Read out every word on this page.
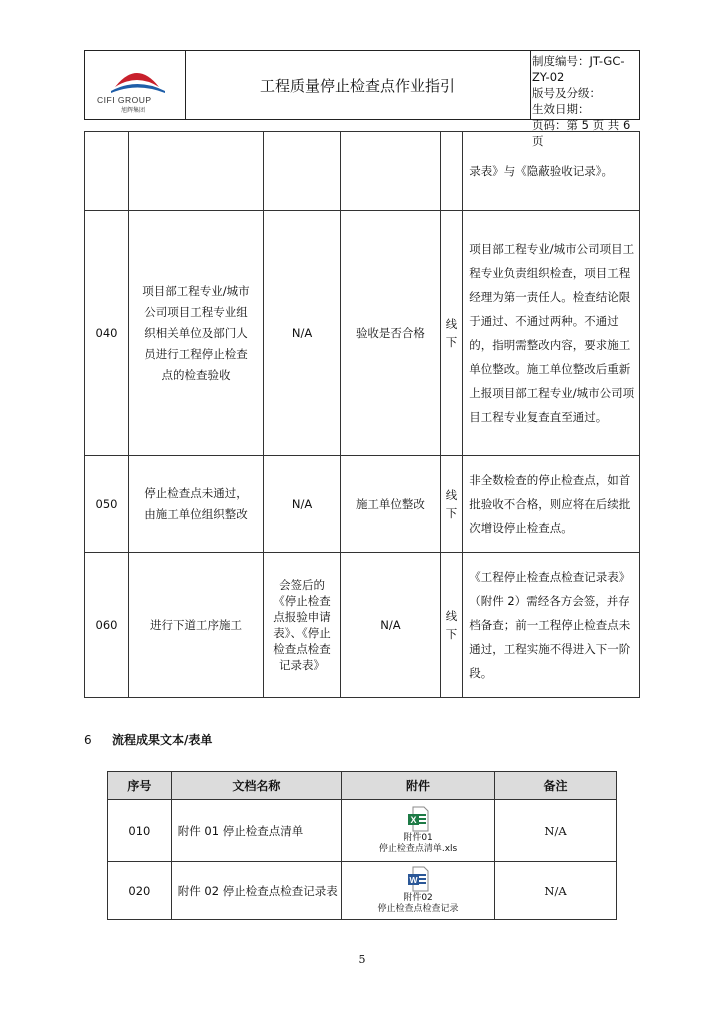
CIFI GROUP
旭辉集团
工程质量停止检查点作业指引
制度编号：JT-GC-ZY-02
版号及分级：
生效日期：
页码：第 5 页 共 6 页
					录表》与《隐蔽验收记录》。
040	项目部工程专业/城市公司项目工程专业组织相关单位及部门人员进行工程停止检查点的检查验收	N/A	验收是否合格	线下	项目部工程专业/城市公司项目工程专业负责组织检查，项目工程经理为第一责任人。检查结论限于通过、不通过两种。不通过的，指明需整改内容，要求施工单位整改。施工单位整改后重新上报项目部工程专业/城市公司项目工程专业复查直至通过。
050	停止检查点未通过，由施工单位组织整改	N/A	施工单位整改	线下	非全数检查的停止检查点，如首批验收不合格，则应将在后续批次增设停止检查点。
060	进行下道工序施工	会签后的《停止检查点报验申请表》、《停止检查点检查记录表》	N/A	线下	《工程停止检查点检查记录表》（附件 2）需经各方会签，并存档备查；前一工程停止检查点未通过，工程实施不得进入下一阶段。
6 流程成果文本/表单
序号	文档名称	附件	备注
010	附件 01 停止检查点清单	X
附件01
停止检查点清单.xls	N/A
020	附件 02 停止检查点检查记录表	W
附件02
停止检查点检查记录	N/A
5
